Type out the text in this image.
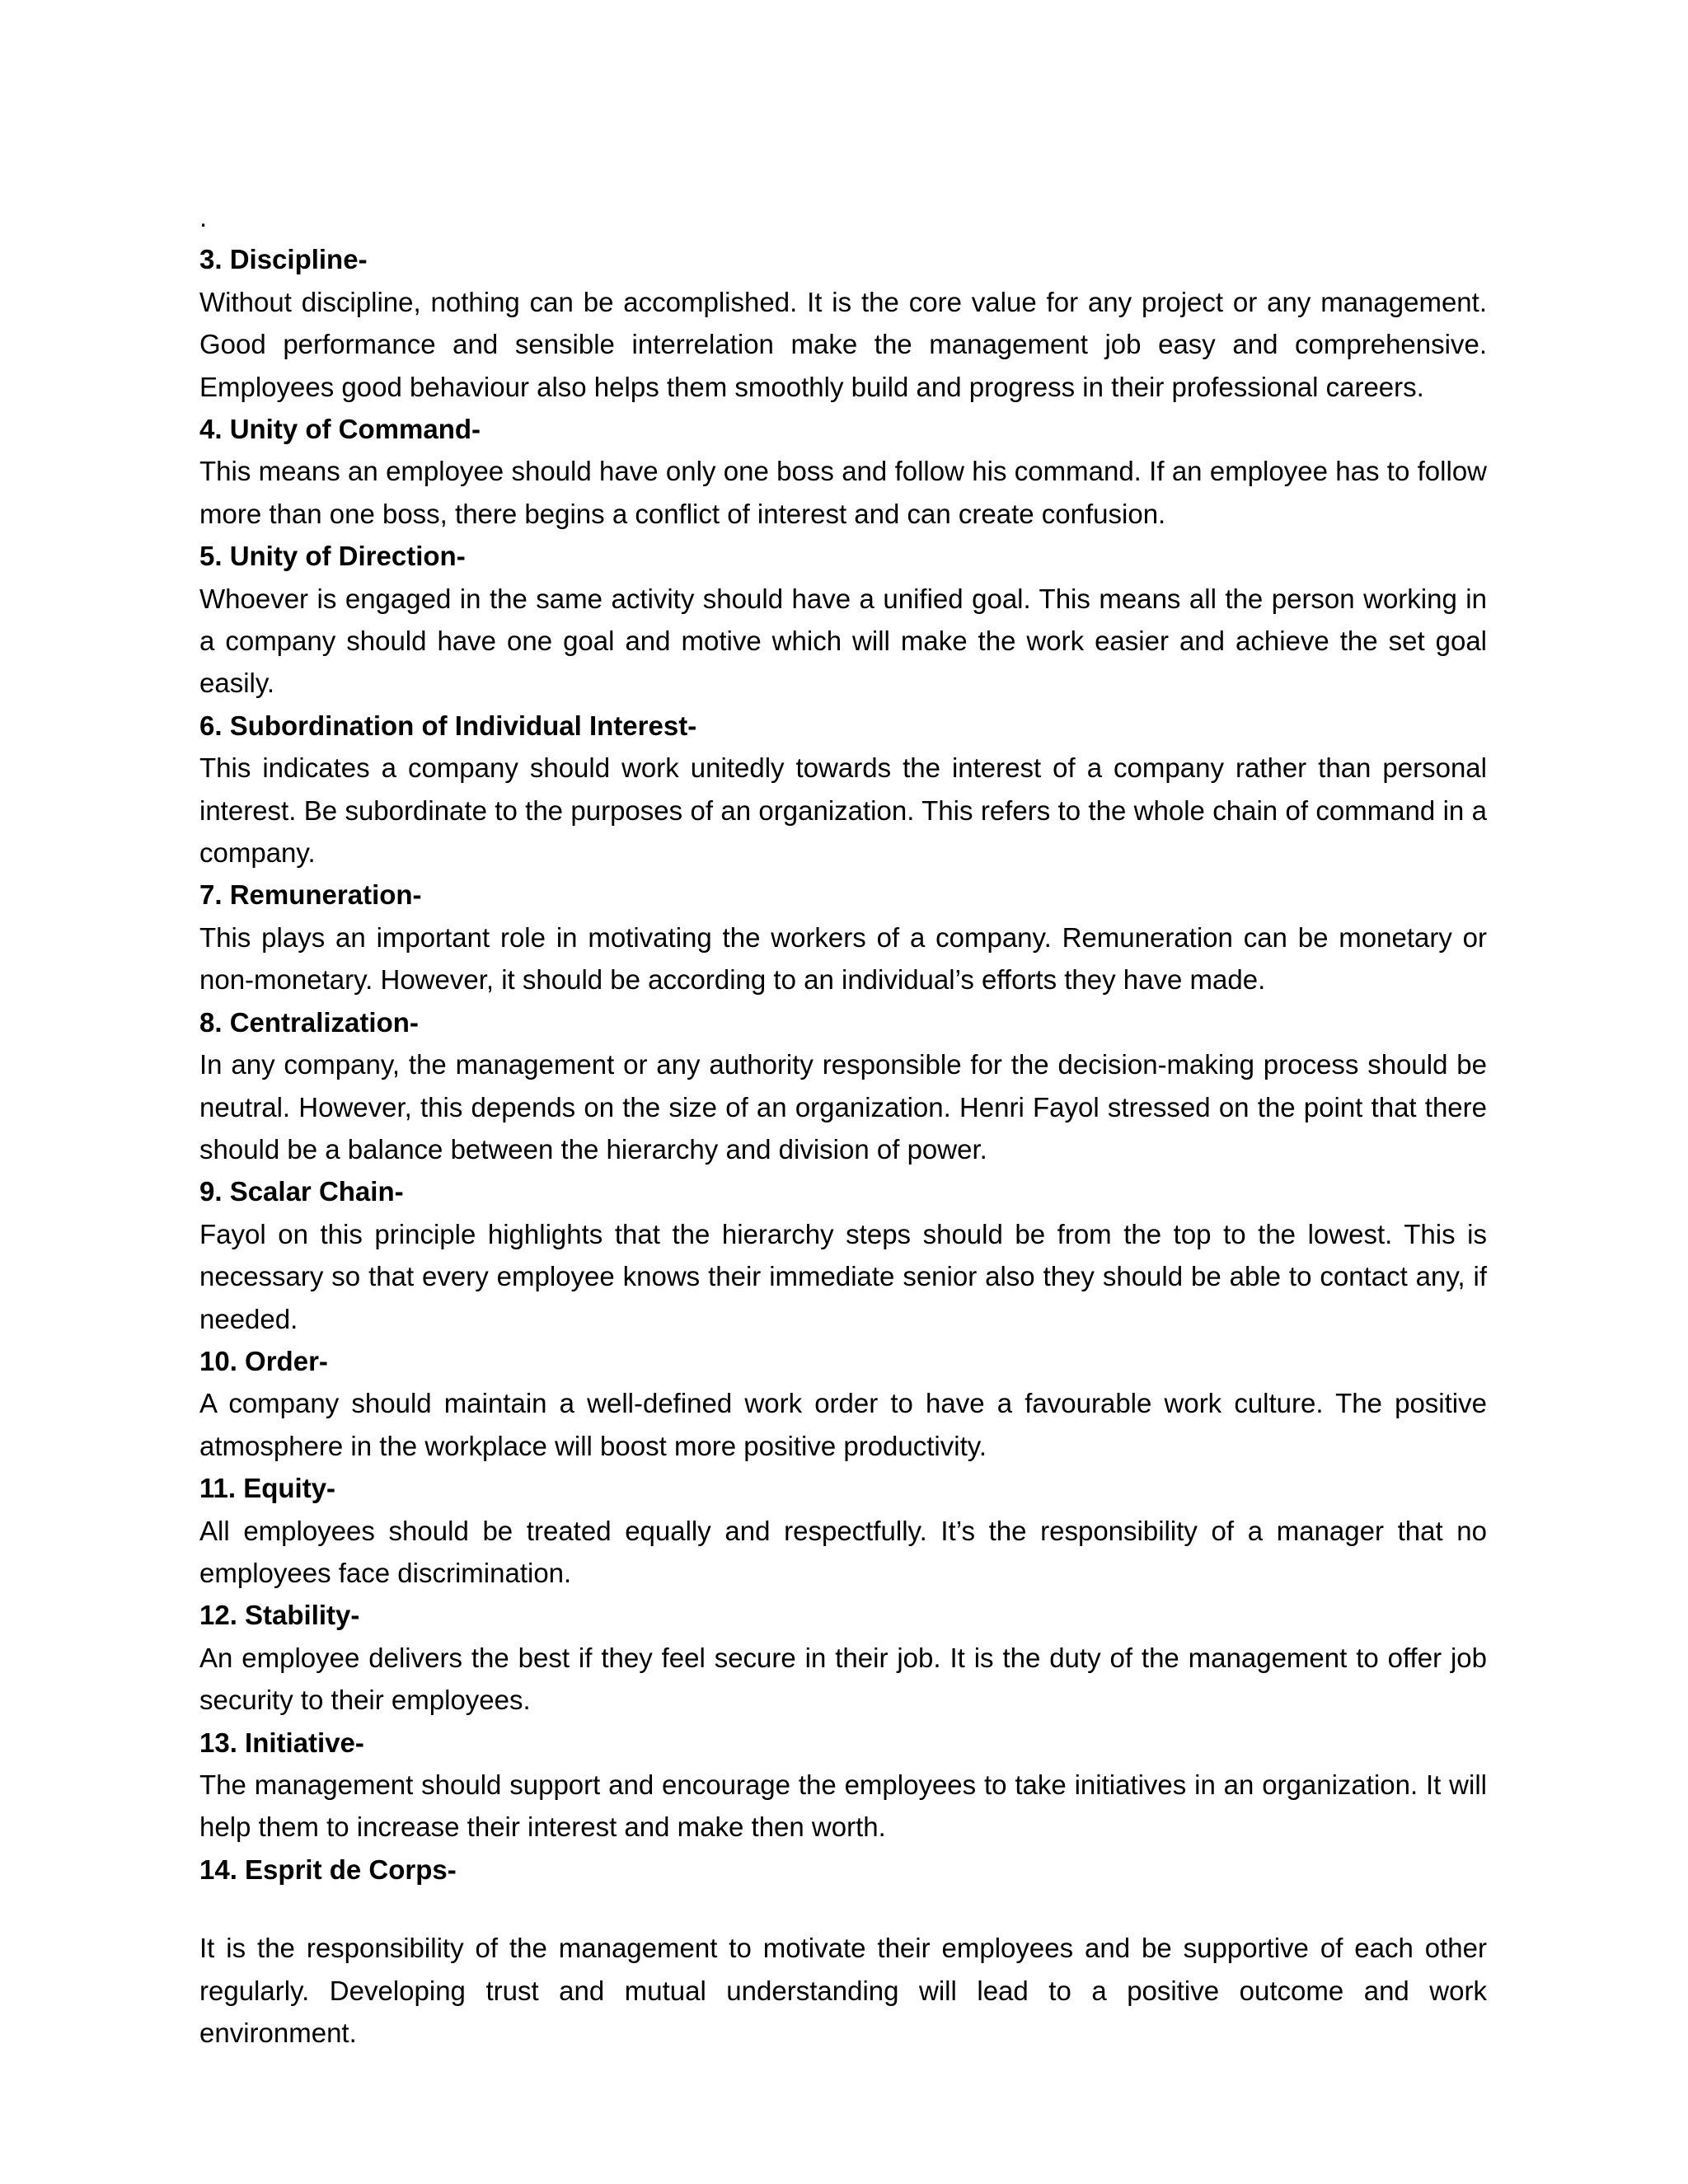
.
3. Discipline-

Without discipline, nothing can be accomplished. It is the core value for any project or any management. Good performance and sensible interrelation make the management job easy and comprehensive. Employees good behaviour also helps them smoothly build and progress in their professional careers.

4. Unity of Command-

This means an employee should have only one boss and follow his command. If an employee has to follow more than one boss, there begins a conflict of interest and can create confusion.

5. Unity of Direction-

Whoever is engaged in the same activity should have a unified goal. This means all the person working in a company should have one goal and motive which will make the work easier and achieve the set goal easily.

6. Subordination of Individual Interest-

This indicates a company should work unitedly towards the interest of a company rather than personal interest. Be subordinate to the purposes of an organization. This refers to the whole chain of command in a company.

7. Remuneration-

This plays an important role in motivating the workers of a company. Remuneration can be monetary or non-monetary. However, it should be according to an individual’s efforts they have made.

8. Centralization-

In any company, the management or any authority responsible for the decision-making process should be neutral. However, this depends on the size of an organization. Henri Fayol stressed on the point that there should be a balance between the hierarchy and division of power.

9. Scalar Chain-

Fayol on this principle highlights that the hierarchy steps should be from the top to the lowest. This is necessary so that every employee knows their immediate senior also they should be able to contact any, if needed.

10. Order-

A company should maintain a well-defined work order to have a favourable work culture. The positive atmosphere in the workplace will boost more positive productivity.

11. Equity-

All employees should be treated equally and respectfully. It’s the responsibility of a manager that no employees face discrimination.

12. Stability-

An employee delivers the best if they feel secure in their job. It is the duty of the management to offer job security to their employees.

13. Initiative-

The management should support and encourage the employees to take initiatives in an organization. It will help them to increase their interest and make then worth.

14. Esprit de Corps-

It is the responsibility of the management to motivate their employees and be supportive of each other regularly. Developing trust and mutual understanding will lead to a positive outcome and work environment.
